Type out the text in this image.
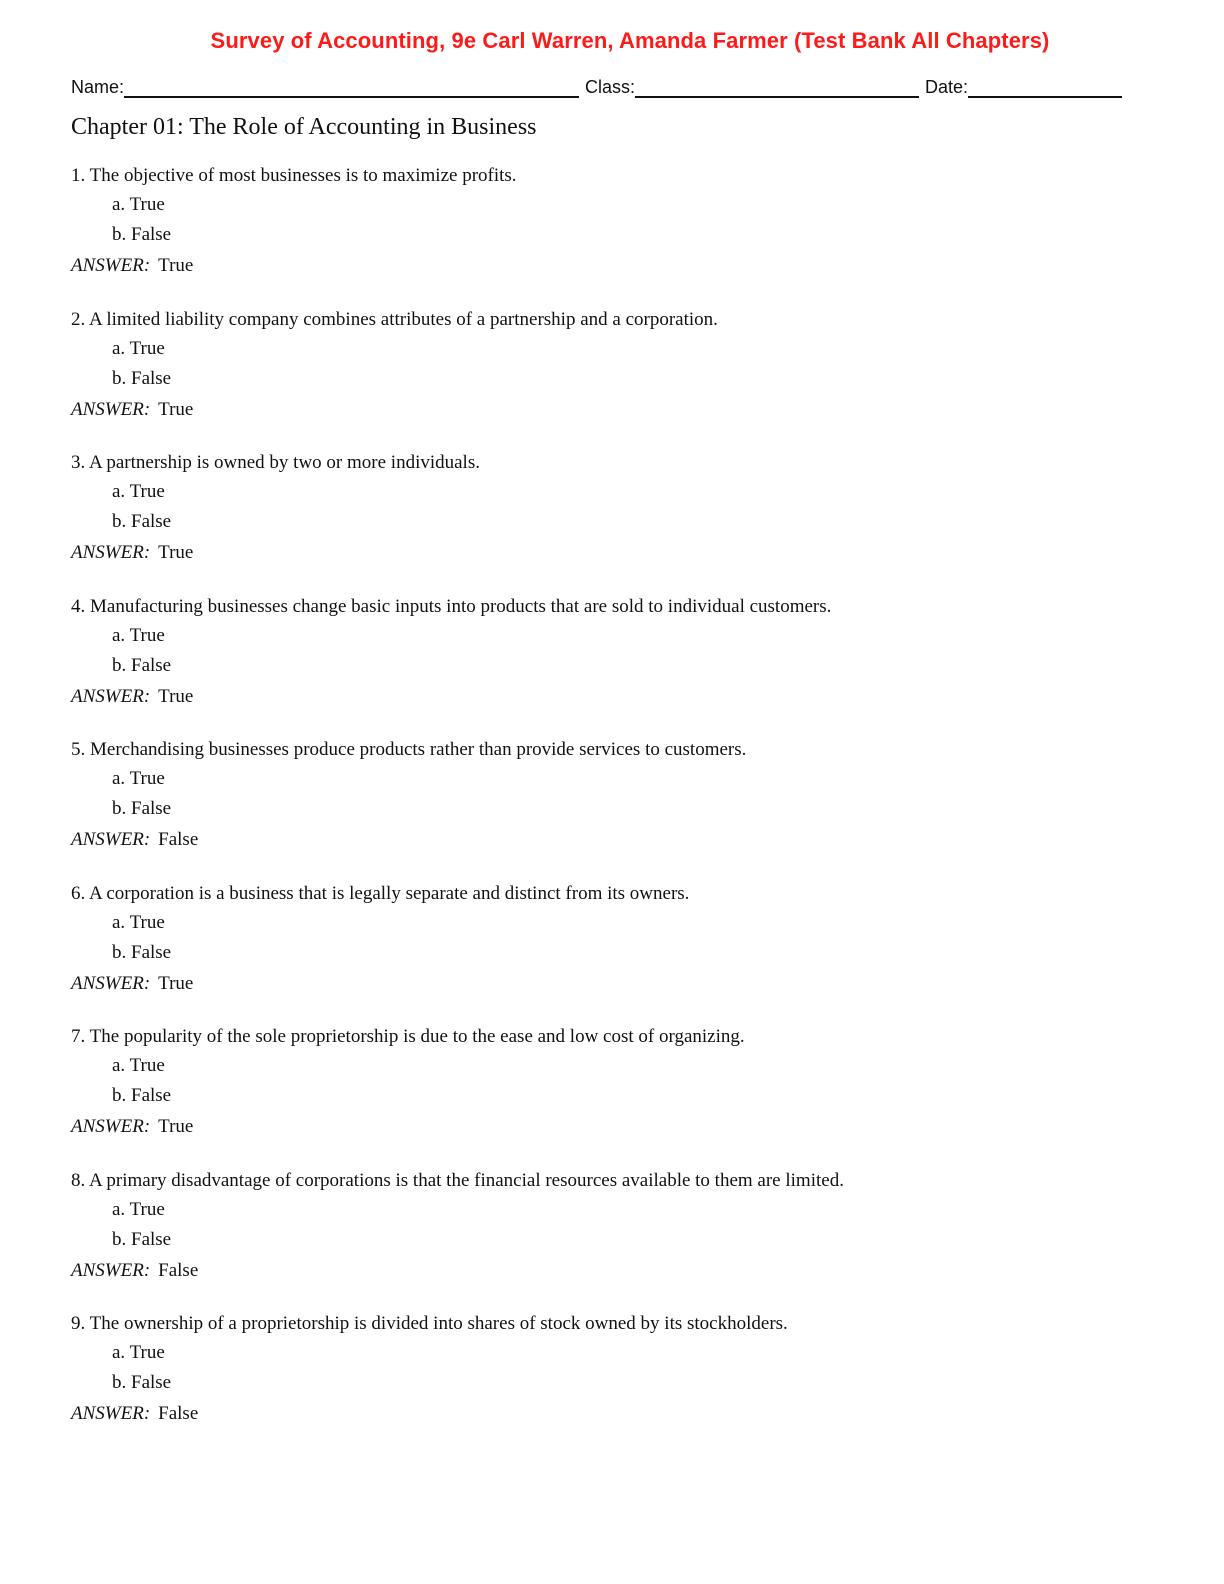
Survey of Accounting, 9e Carl Warren, Amanda Farmer (Test Bank All Chapters)
Name:	Class:	Date:
Chapter 01: The Role of Accounting in Business
1. The objective of most businesses is to maximize profits.
a. True
b. False
ANSWER: True
2. A limited liability company combines attributes of a partnership and a corporation.
a. True
b. False
ANSWER: True
3. A partnership is owned by two or more individuals.
a. True
b. False
ANSWER: True
4. Manufacturing businesses change basic inputs into products that are sold to individual customers.
a. True
b. False
ANSWER: True
5. Merchandising businesses produce products rather than provide services to customers.
a. True
b. False
ANSWER: False
6. A corporation is a business that is legally separate and distinct from its owners.
a. True
b. False
ANSWER: True
7. The popularity of the sole proprietorship is due to the ease and low cost of organizing.
a. True
b. False
ANSWER: True
8. A primary disadvantage of corporations is that the financial resources available to them are limited.
a. True
b. False
ANSWER: False
9. The ownership of a proprietorship is divided into shares of stock owned by its stockholders.
a. True
b. False
ANSWER: False
